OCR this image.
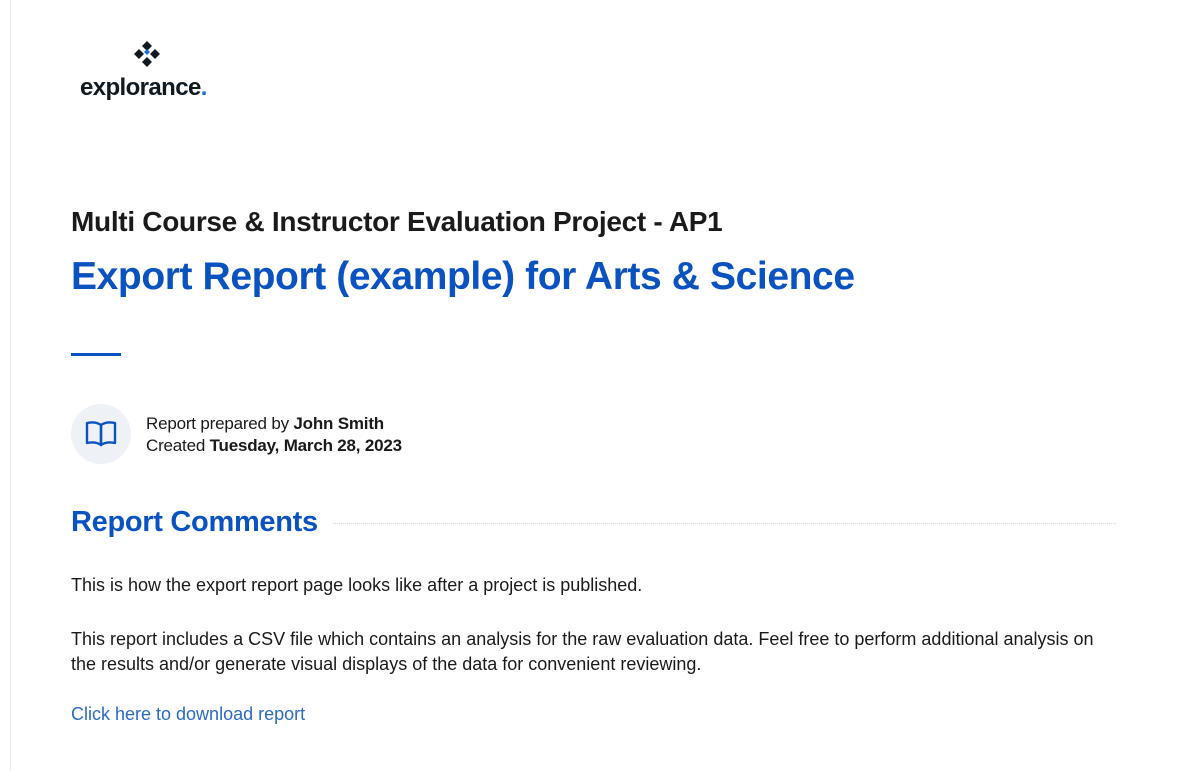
explorance.
Multi Course & Instructor Evaluation Project - AP1
Export Report (example) for Arts & Science
Report prepared by John Smith
Created Tuesday, March 28, 2023
Report Comments
This is how the export report page looks like after a project is published.
This report includes a CSV file which contains an analysis for the raw evaluation data. Feel free to perform additional analysis on the results and/or generate visual displays of the data for convenient reviewing.
Click here to download report
